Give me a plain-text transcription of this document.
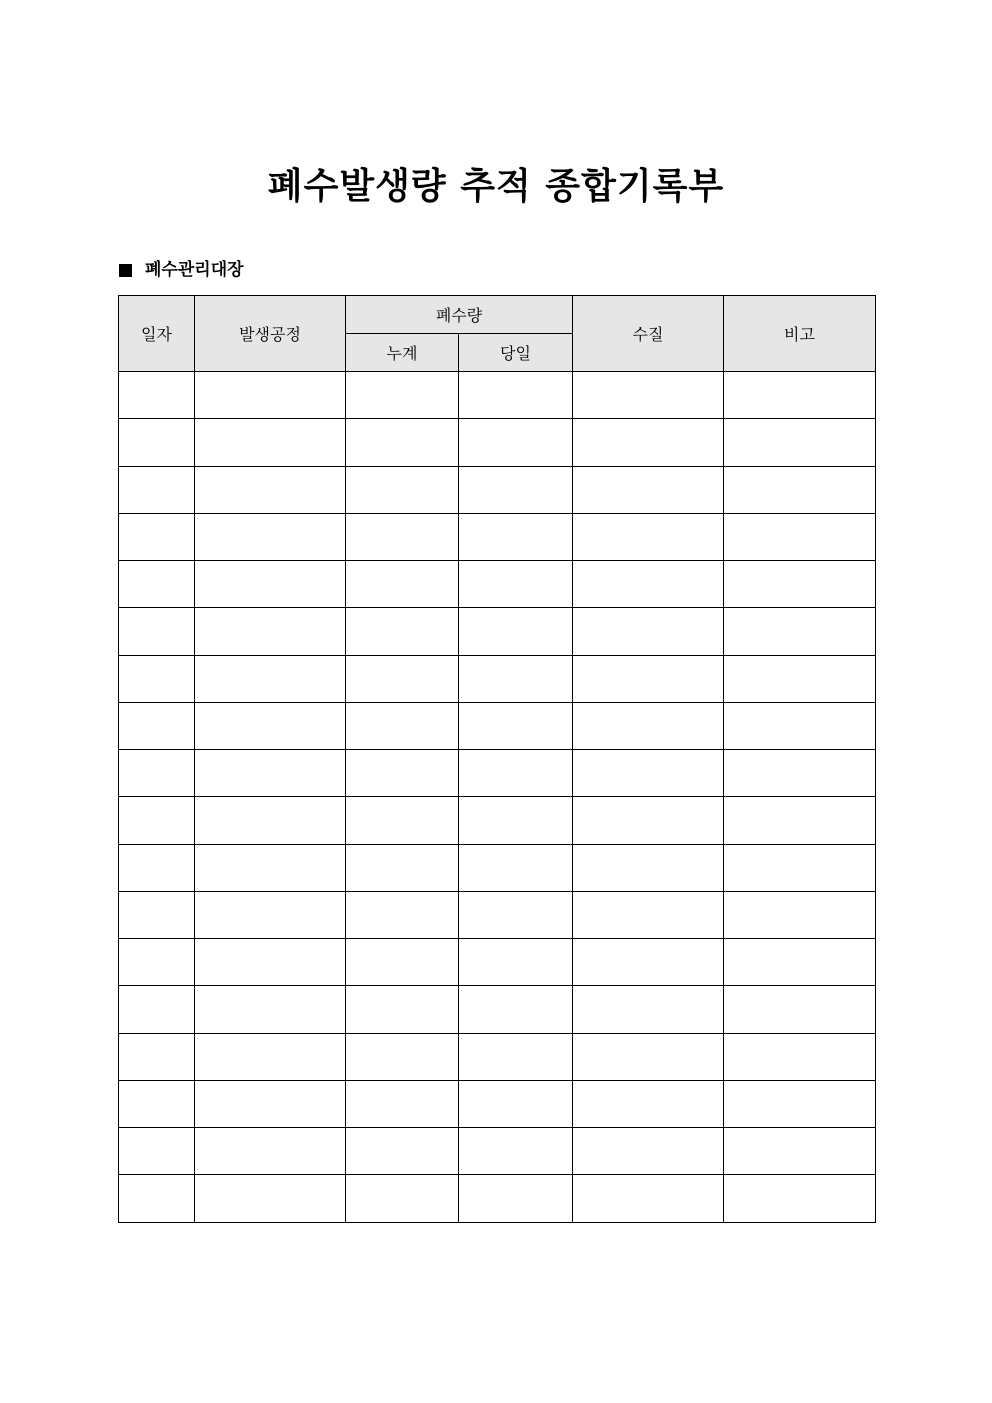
폐수발생량 추적 종합기록부
폐수관리대장
일자	발생공정	폐수량		수질	비고
		누계	당일		
